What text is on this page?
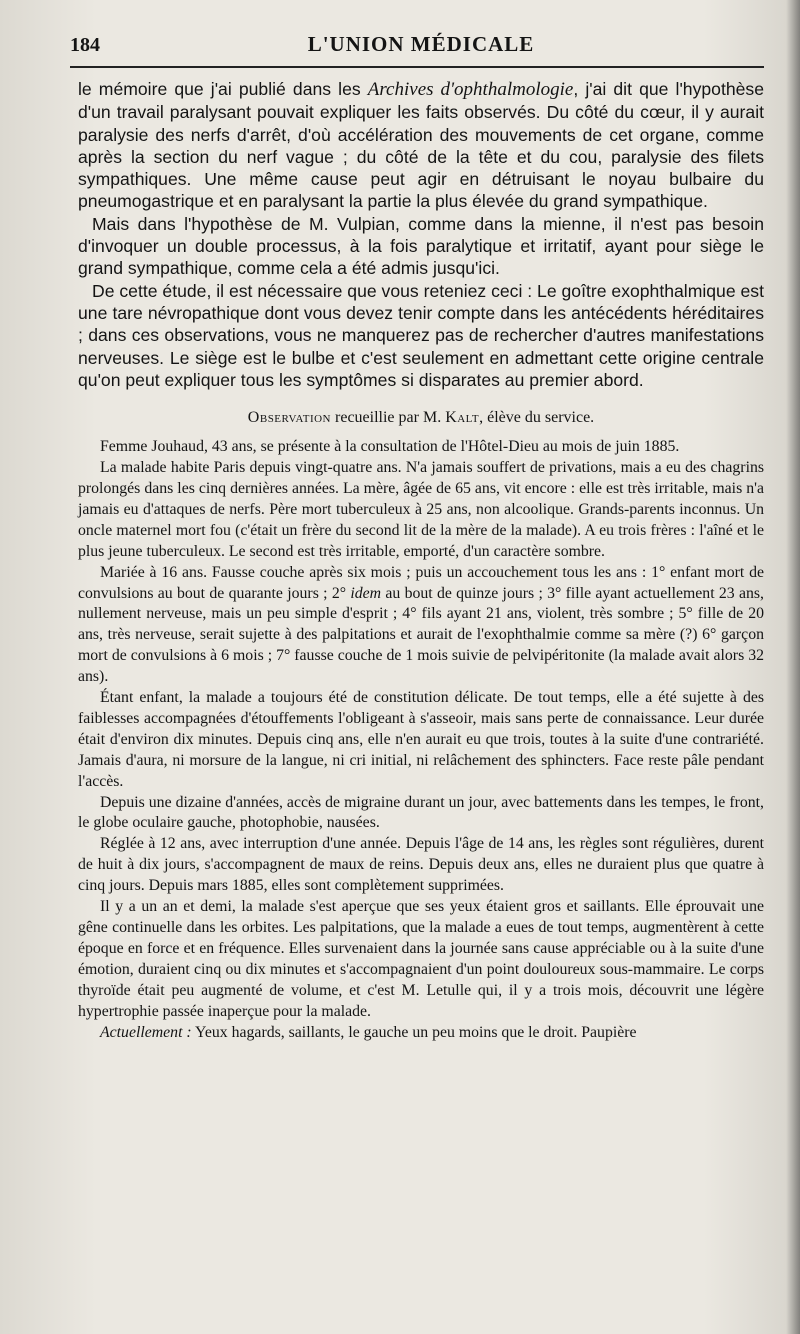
184	L'UNION MÉDICALE

le mémoire que j'ai publié dans les Archives d'ophthalmologie, j'ai dit que l'hypothèse d'un travail paralysant pouvait expliquer les faits observés. Du côté du cœur, il y aurait paralysie des nerfs d'arrêt, d'où accélération des mouvements de cet organe, comme après la section du nerf vague ; du côté de la tête et du cou, paralysie des filets sympathiques. Une même cause peut agir en détruisant le noyau bulbaire du pneumogastrique et en paralysant la partie la plus élevée du grand sympathique.

Mais dans l'hypothèse de M. Vulpian, comme dans la mienne, il n'est pas besoin d'invoquer un double processus, à la fois paralytique et irritatif, ayant pour siège le grand sympathique, comme cela a été admis jusqu'ici.

De cette étude, il est nécessaire que vous reteniez ceci : Le goître exophthalmique est une tare névropathique dont vous devez tenir compte dans les antécédents héréditaires ; dans ces observations, vous ne manquerez pas de rechercher d'autres manifestations nerveuses. Le siège est le bulbe et c'est seulement en admettant cette origine centrale qu'on peut expliquer tous les symptômes si disparates au premier abord.

Observation recueillie par M. Kalt, élève du service.

Femme Jouhaud, 43 ans, se présente à la consultation de l'Hôtel-Dieu au mois de juin 1885.

La malade habite Paris depuis vingt-quatre ans. N'a jamais souffert de privations, mais a eu des chagrins prolongés dans les cinq dernières années. La mère, âgée de 65 ans, vit encore : elle est très irritable, mais n'a jamais eu d'attaques de nerfs. Père mort tuberculeux à 25 ans, non alcoolique. Grands-parents inconnus. Un oncle maternel mort fou (c'était un frère du second lit de la mère de la malade). A eu trois frères : l'aîné et le plus jeune tuberculeux. Le second est très irritable, emporté, d'un caractère sombre.

Mariée à 16 ans. Fausse couche après six mois ; puis un accouchement tous les ans : 1° enfant mort de convulsions au bout de quarante jours ; 2° idem au bout de quinze jours ; 3° fille ayant actuellement 23 ans, nullement nerveuse, mais un peu simple d'esprit ; 4° fils ayant 21 ans, violent, très sombre ; 5° fille de 20 ans, très nerveuse, serait sujette à des palpitations et aurait de l'exophthalmie comme sa mère (?) 6° garçon mort de convulsions à 6 mois ; 7° fausse couche de 1 mois suivie de pelvipéritonite (la malade avait alors 32 ans).

Étant enfant, la malade a toujours été de constitution délicate. De tout temps, elle a été sujette à des faiblesses accompagnées d'étouffements l'obligeant à s'asseoir, mais sans perte de connaissance. Leur durée était d'environ dix minutes. Depuis cinq ans, elle n'en aurait eu que trois, toutes à la suite d'une contrariété. Jamais d'aura, ni morsure de la langue, ni cri initial, ni relâchement des sphincters. Face reste pâle pendant l'accès.

Depuis une dizaine d'années, accès de migraine durant un jour, avec battements dans les tempes, le front, le globe oculaire gauche, photophobie, nausées.

Réglée à 12 ans, avec interruption d'une année. Depuis l'âge de 14 ans, les règles sont régulières, durent de huit à dix jours, s'accompagnent de maux de reins. Depuis deux ans, elles ne duraient plus que quatre à cinq jours. Depuis mars 1885, elles sont complètement supprimées.

Il y a un an et demi, la malade s'est aperçue que ses yeux étaient gros et saillants. Elle éprouvait une gêne continuelle dans les orbites. Les palpitations, que la malade a eues de tout temps, augmentèrent à cette époque en force et en fréquence. Elles survenaient dans la journée sans cause appréciable ou à la suite d'une émotion, duraient cinq ou dix minutes et s'accompagnaient d'un point douloureux sous-mammaire. Le corps thyroïde était peu augmenté de volume, et c'est M. Letulle qui, il y a trois mois, découvrit une légère hypertrophie passée inaperçue pour la malade.

Actuellement : Yeux hagards, saillants, le gauche un peu moins que le droit. Paupière
